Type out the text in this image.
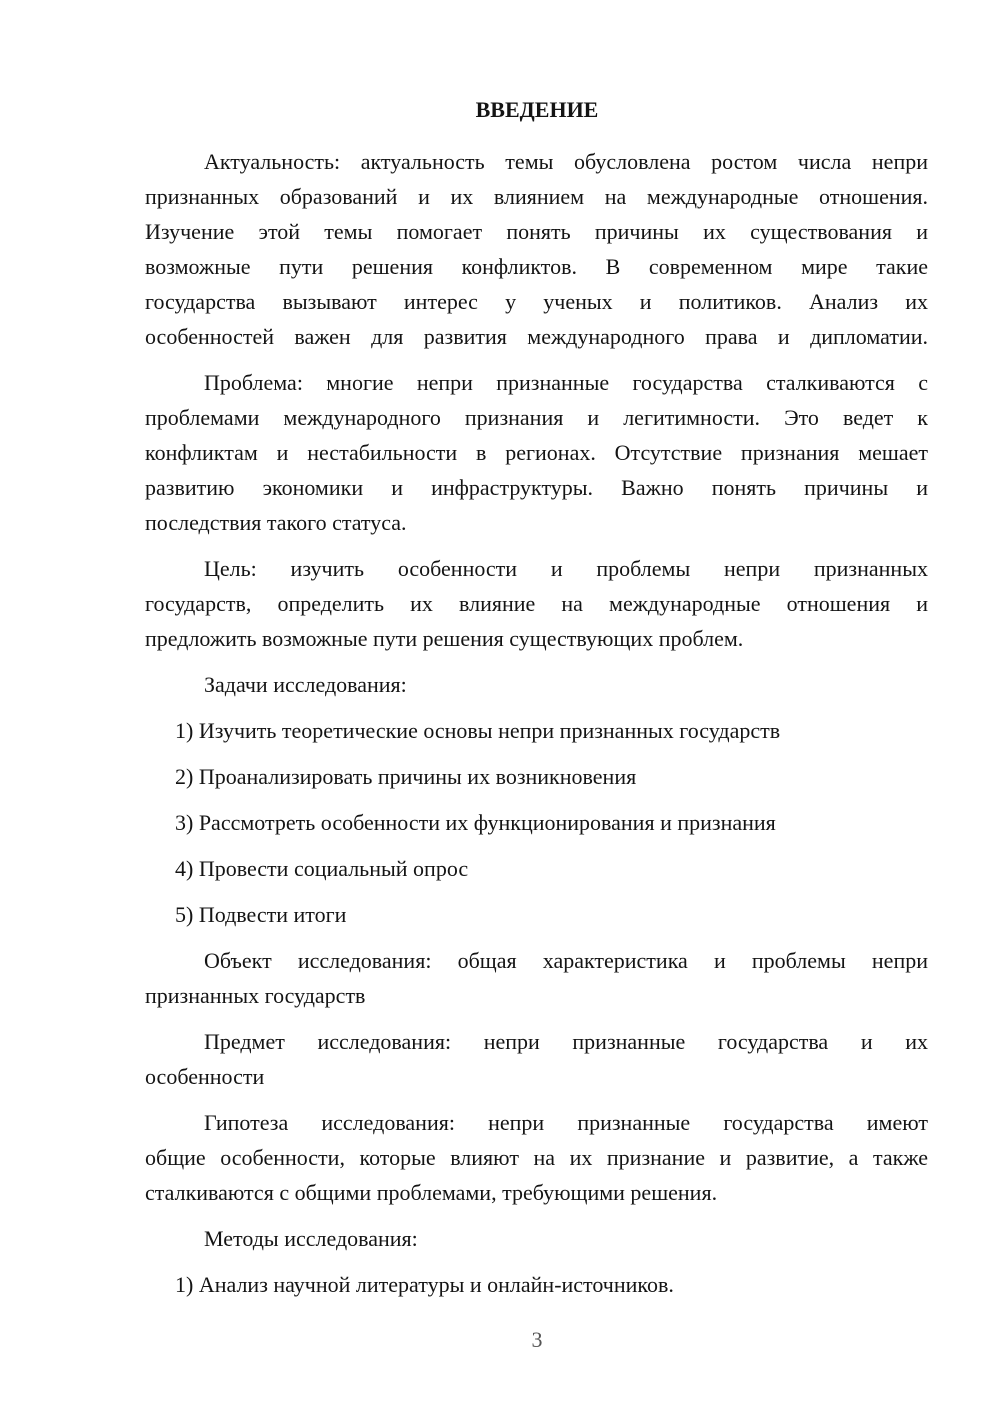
ВВЕДЕНИЕ
Актуальность: актуальность темы обусловлена ростом числа непри
признанных образований и их влиянием на международные отношения.
Изучение этой темы помогает понять причины их существования и
возможные пути решения конфликтов. В современном мире такие
государства вызывают интерес у ученых и политиков. Анализ их
особенностей важен для развития международного права и дипломатии.
Проблема: многие непри признанные государства сталкиваются с
проблемами международного признания и легитимности. Это ведет к
конфликтам и нестабильности в регионах. Отсутствие признания мешает
развитию экономики и инфраструктуры. Важно понять причины и
последствия такого статуса.
Цель: изучить особенности и проблемы непри признанных
государств, определить их влияние на международные отношения и
предложить возможные пути решения существующих проблем.
Задачи исследования:
1) Изучить теоретические основы непри признанных государств
2) Проанализировать причины их возникновения
3) Рассмотреть особенности их функционирования и признания
4) Провести социальный опрос
5) Подвести итоги
Объект исследования: общая характеристика и проблемы непри
признанных государств
Предмет исследования: непри признанные государства и их
особенности
Гипотеза исследования: непри признанные государства имеют
общие особенности, которые влияют на их признание и развитие, а также
сталкиваются с общими проблемами, требующими решения.
Методы исследования:
1) Анализ научной литературы и онлайн-источников.
3
